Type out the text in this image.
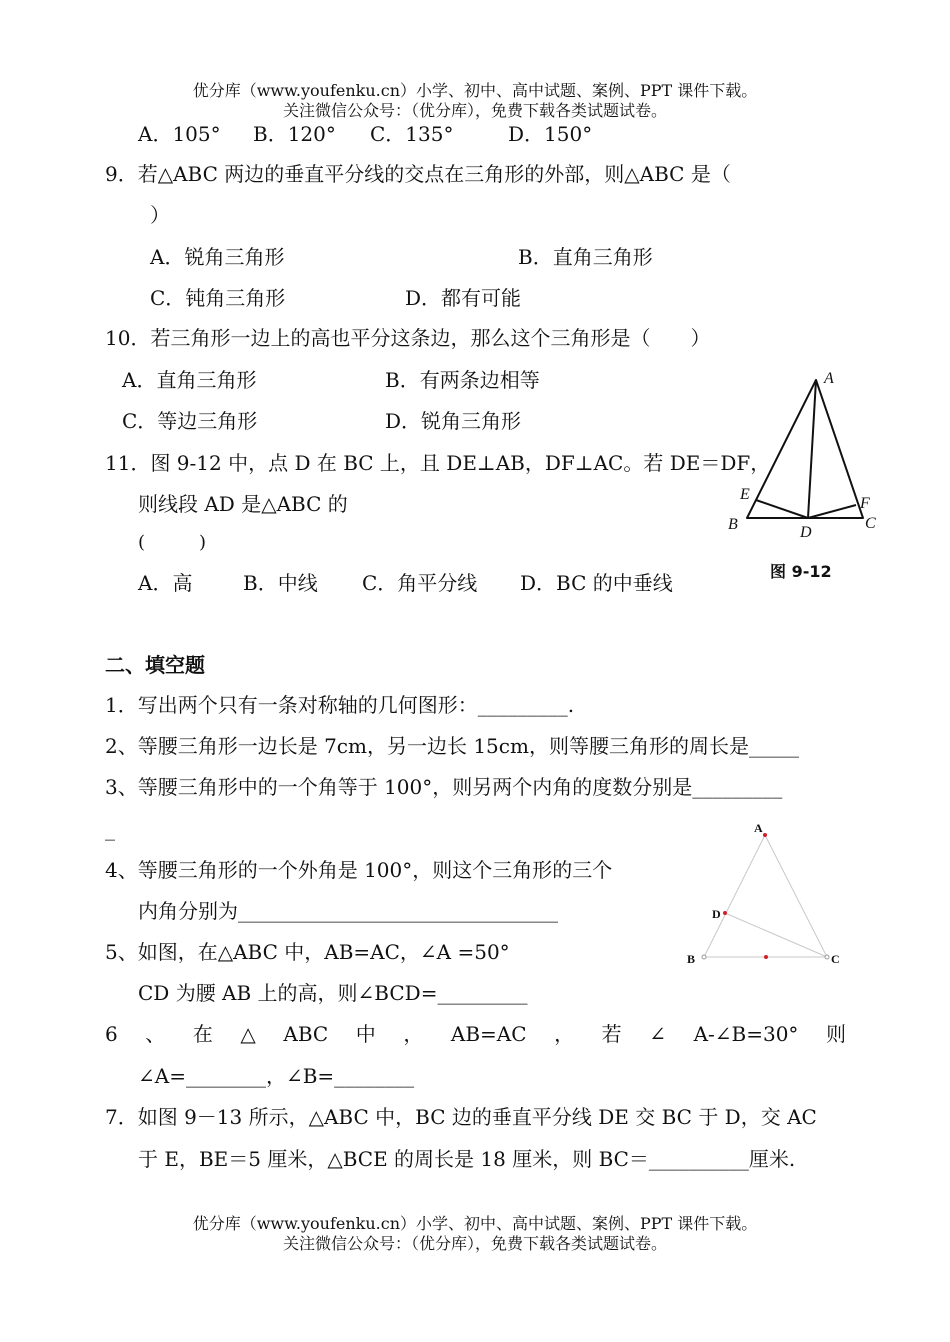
优分库（www.youfenku.cn）小学、初中、高中试题、案例、PPT 课件下载。
关注微信公众号：（优分库），免费下载各类试题试卷。
A．105° B．120° C．135°	D．150°
9．若△ABC 两边的垂直平分线的交点在三角形的外部，则△ABC 是（
）
A．锐角三角形	B．直角三角形
C．钝角三角形	D．都有可能
10．若三角形一边上的高也平分这条边，那么这个三角形是（　　）
A．直角三角形	B．有两条边相等
C．等边三角形	D．锐角三角形
11．图 9-12 中，点 D 在 BC 上，且 DE⊥AB，DF⊥AC。若 DE＝DF，
则线段 AD 是△ABC 的
(　　　)
A．高	B．中线 C．角平分线 D．BC 的中垂线
A
B	C
D
E
F
图 9-12
二、填空题
1．写出两个只有一条对称轴的几何图形：_________.
2、等腰三角形一边长是 7cm，另一边长 15cm，则等腰三角形的周长是_____
3、等腰三角形中的一个角等于 100°，则另两个内角的度数分别是_________
_
4、等腰三角形的一个外角是 100°，则这个三角形的三个
内角分别为________________________________
5、如图，在△ABC 中，AB=AC，∠A =50°
CD 为腰 AB 上的高，则∠BCD=_________
6 、 在 △ ABC 中 ， AB=AC ， 若 ∠ A-∠B=30° 则
∠A=________，∠B=________
7．如图 9－13 所示，△ABC 中，BC 边的垂直平分线 DE 交 BC 于 D，交 AC
于 E，BE＝5 厘米，△BCE 的周长是 18 厘米，则 BC＝__________厘米.
A
D
B	C
优分库（www.youfenku.cn）小学、初中、高中试题、案例、PPT 课件下载。
关注微信公众号：（优分库），免费下载各类试题试卷。
